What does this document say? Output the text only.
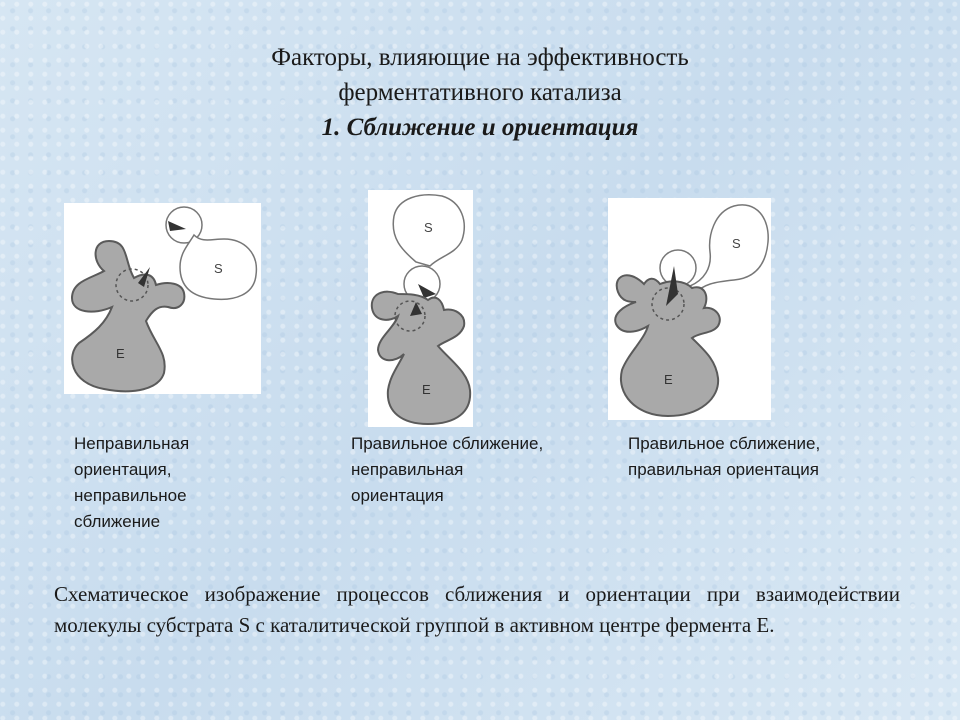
Факторы, влияющие на эффективность
ферментативного катализа
1. Сближение и ориентация
E
S
S
E
S
E
Неправильная
ориентация,
неправильное
сближение
Правильное сближение,
неправильная
ориентация
Правильное сближение,
правильная ориентация
Схематическое изображение процессов сближения и ориентации при взаимодействии молекулы субстрата S с каталитической группой в активном центре фермента E.
